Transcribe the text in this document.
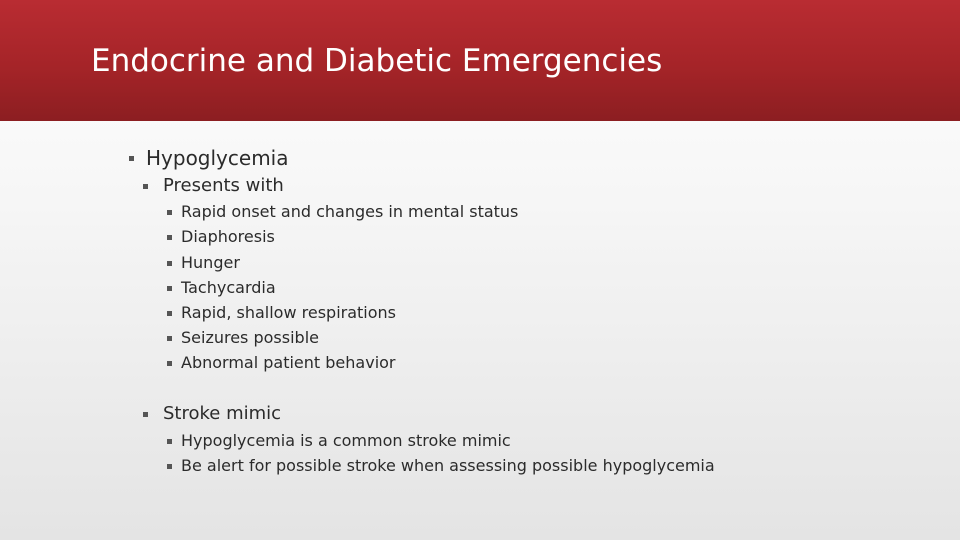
Endocrine and Diabetic Emergencies
Hypoglycemia
Presents with
Rapid onset and changes in mental status
Diaphoresis
Hunger
Tachycardia
Rapid, shallow respirations
Seizures possible
Abnormal patient behavior
Stroke mimic
Hypoglycemia is a common stroke mimic
Be alert for possible stroke when assessing possible hypoglycemia
